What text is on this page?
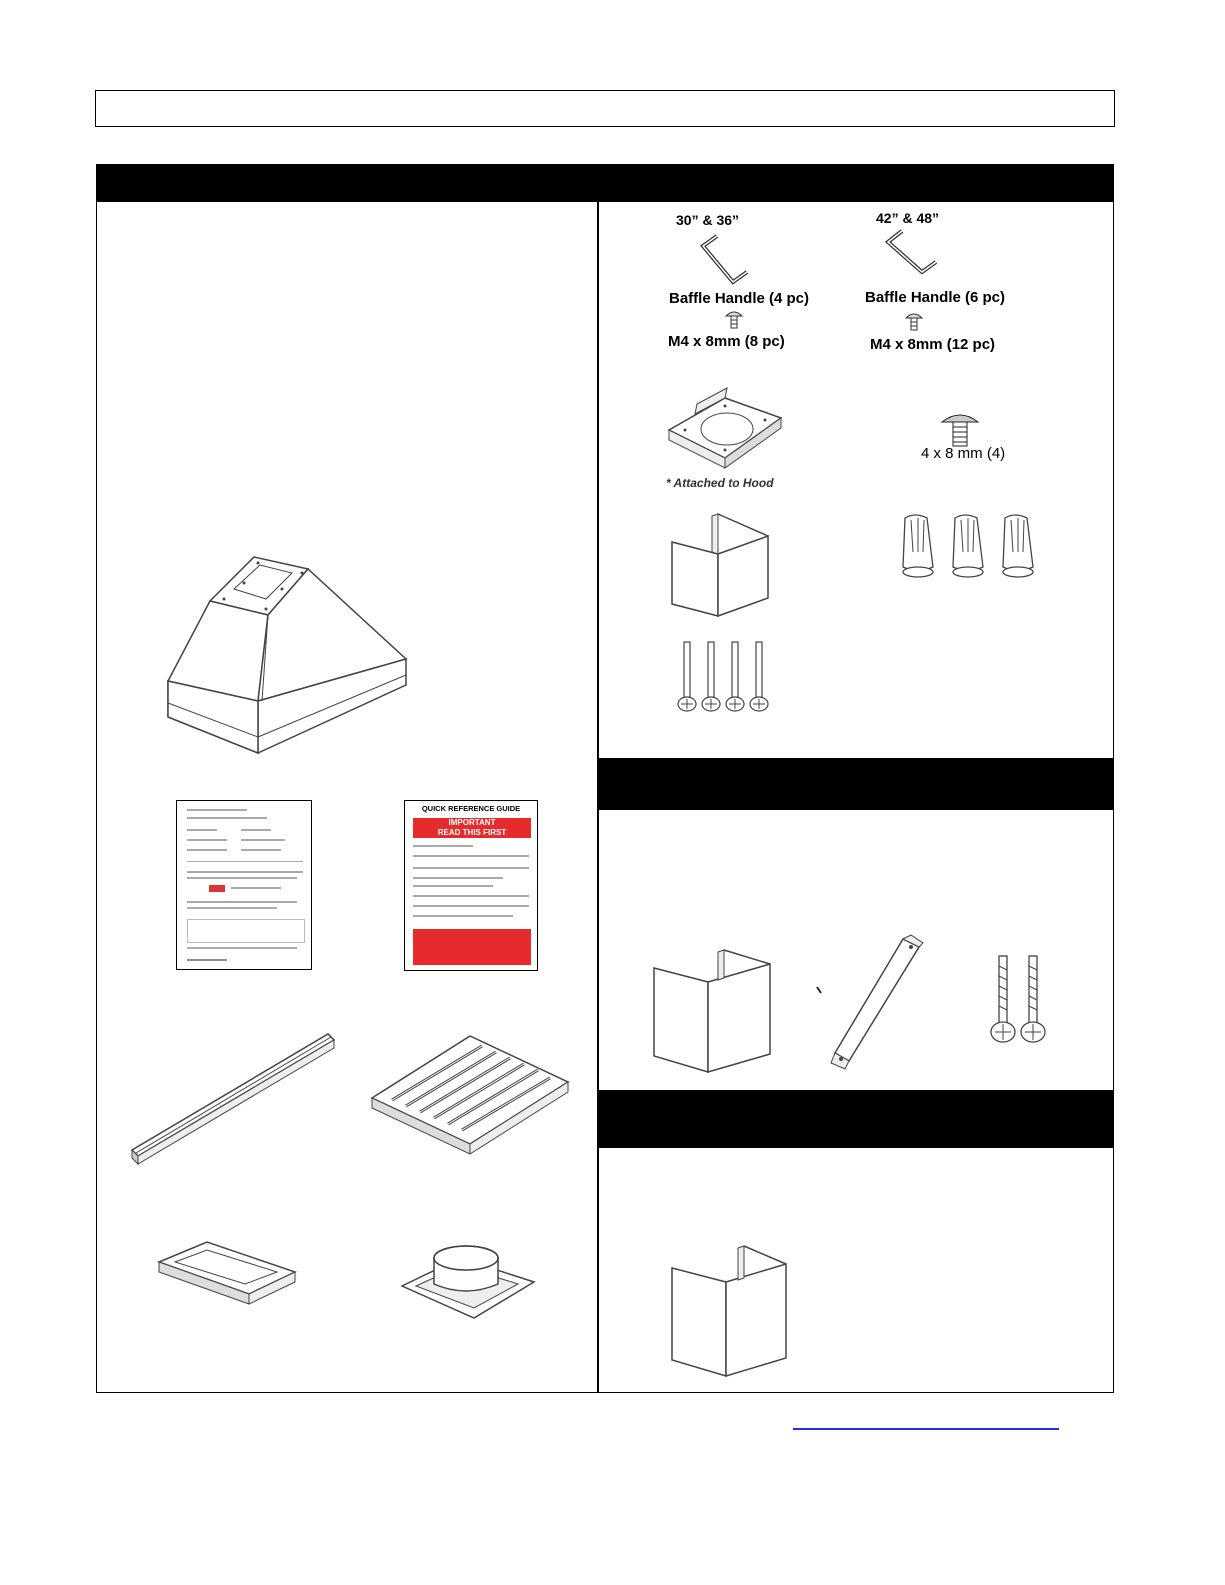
30” & 36”	42” & 48”
Baffle Handle (4 pc)	Baffle Handle (6 pc)
M4 x 8mm (8 pc)	M4 x 8mm (12 pc)
* Attached to Hood
4 x 8 mm (4)
QUICK REFERENCE GUIDE
IMPORTANT
READ THIS FIRST
